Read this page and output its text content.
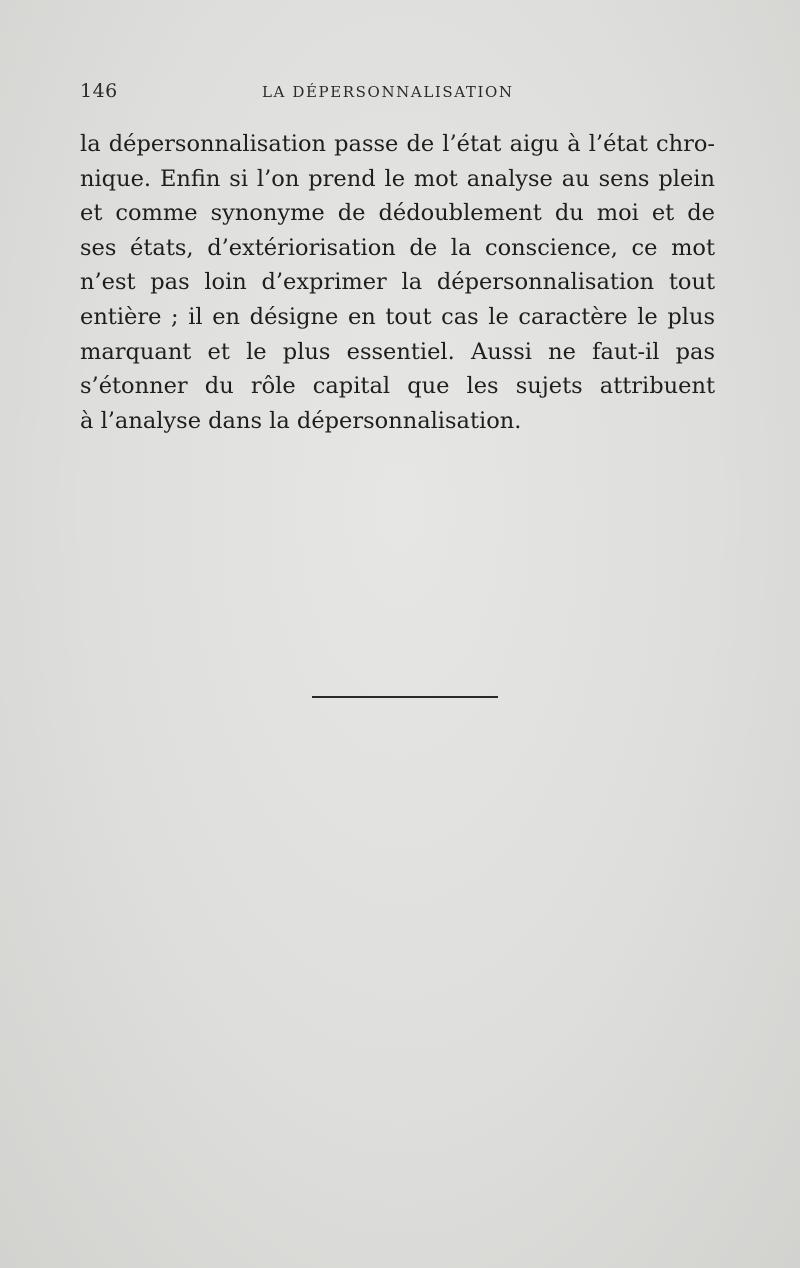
146	LA DÉPERSONNALISATION
la dépersonnalisation passe de l’état aigu à l’état chro-
nique. Enfin si l’on prend le mot analyse au sens plein
et comme synonyme de dédoublement du moi et de
ses états, d’extériorisation de la conscience, ce mot
n’est pas loin d’exprimer la dépersonnalisation tout
entière ; il en désigne en tout cas le caractère le plus
marquant et le plus essentiel. Aussi ne faut-il pas
s’étonner du rôle capital que les sujets attribuent
à l’analyse dans la dépersonnalisation.
